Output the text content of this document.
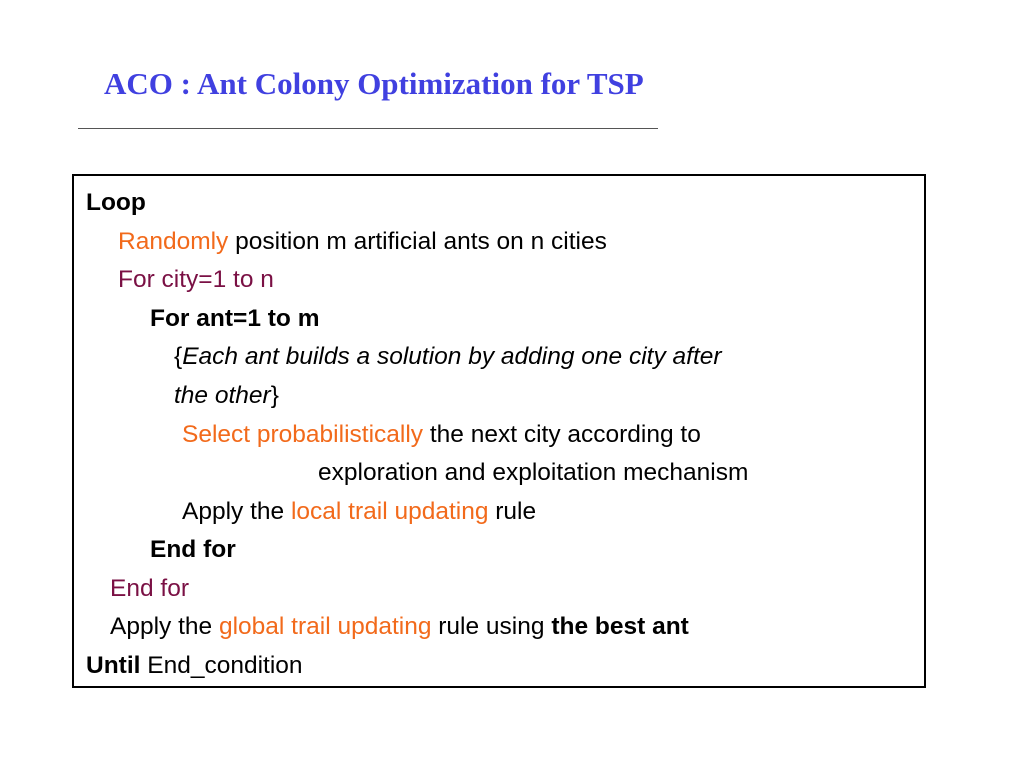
ACO : Ant Colony Optimization for TSP
Loop
Randomly position m artificial ants on n cities
For city=1 to n
For ant=1 to m
{Each ant builds a solution by adding one city after
the other}
Select probabilistically the next city according to
exploration and exploitation mechanism
Apply the local trail updating rule
End for
End for
Apply the global trail updating rule using the best ant
Until End_condition
